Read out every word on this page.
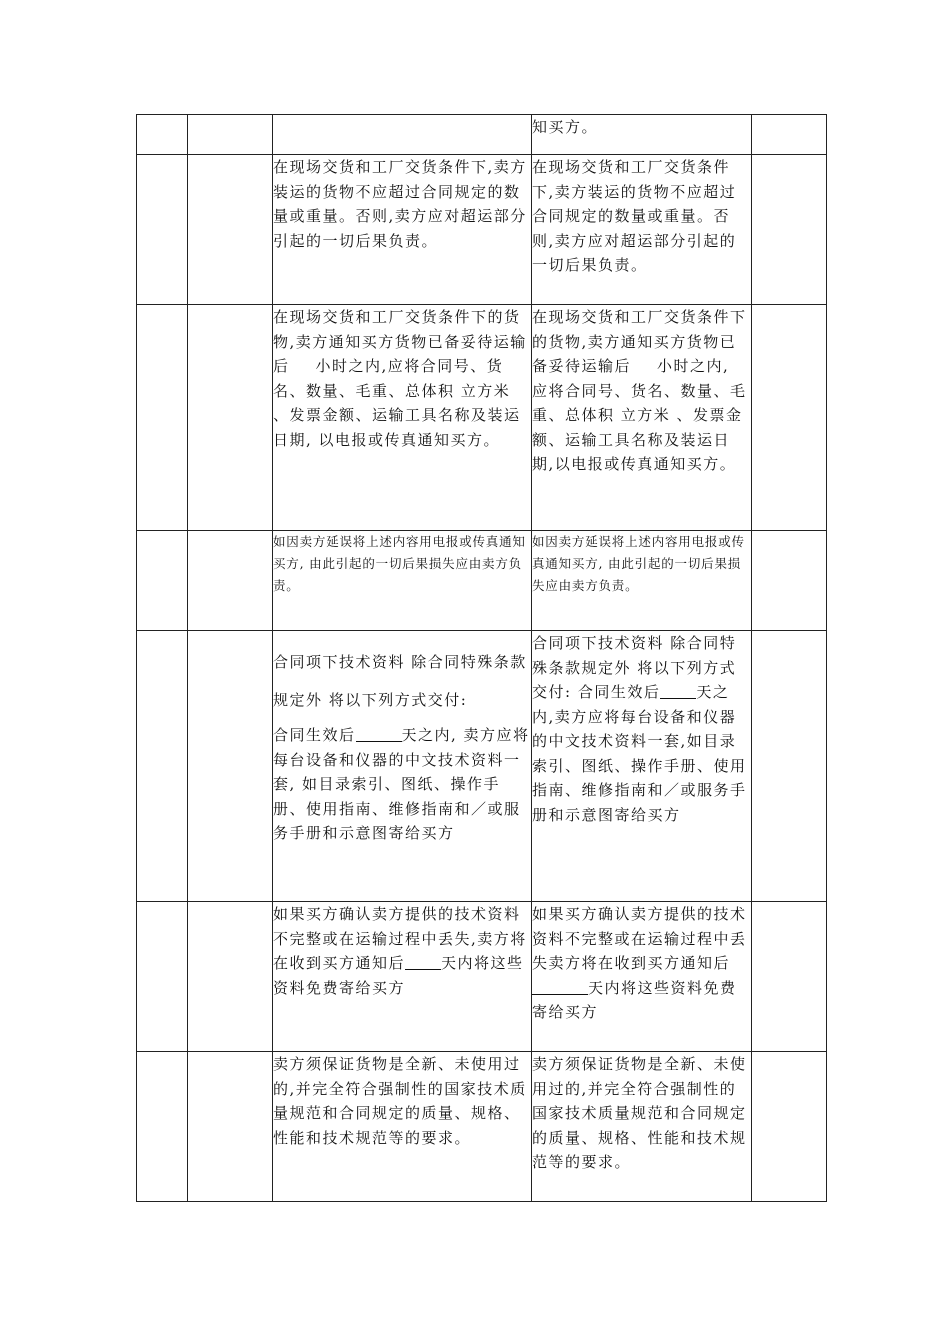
			知买方。	

		在现场交货和工厂交货条件下,卖方装运的货物不应超过合同规定的数量或重量。否则,卖方应对超运部分引起的一切后果负责。	在现场交货和工厂交货条件下,卖方装运的货物不应超过合同规定的数量或重量。否则,卖方应对超运部分引起的一切后果负责。	

		在现场交货和工厂交货条件下的货物,卖方通知买方货物已备妥待运输后 小时之内,应将合同号、货名、数量、毛重、总体积 立方米 、发票金额、运输工具名称及装运日期, 以电报或传真通知买方。	在现场交货和工厂交货条件下的货物,卖方通知买方货物已备妥待运输后 小时之内, 应将合同号、货名、数量、毛重、总体积 立方米 、发票金额、运输工具名称及装运日期,以电报或传真通知买方。	

		如因卖方延误将上述内容用电报或传真通知买方, 由此引起的一切后果损失应由卖方负责。	如因卖方延误将上述内容用电报或传真通知买方, 由此引起的一切后果损失应由卖方负责。	

		合同项下技术资料 除合同特殊条款规定外 将以下列方式交付:

合同生效后 天之内, 卖方应将每台设备和仪器的中文技术资料一套, 如目录索引、图纸、操作手册、使用指南、维修指南和／或服务手册和示意图寄给买方	合同项下技术资料 除合同特殊条款规定外 将以下列方式交付: 合同生效后 天之内,卖方应将每台设备和仪器的中文技术资料一套,如目录索引、图纸、操作手册、使用指南、维修指南和／或服务手册和示意图寄给买方	

		如果买方确认卖方提供的技术资料不完整或在运输过程中丢失,卖方将在收到买方通知后 天内将这些资料免费寄给买方	如果买方确认卖方提供的技术资料不完整或在运输过程中丢失卖方将在收到买方通知后
天内将这些资料免费寄给买方	

		卖方须保证货物是全新、未使用过的,并完全符合强制性的国家技术质量规范和合同规定的质量、规格、性能和技术规范等的要求。	卖方须保证货物是全新、未使用过的,并完全符合强制性的国家技术质量规范和合同规定的质量、规格、性能和技术规范等的要求。	
